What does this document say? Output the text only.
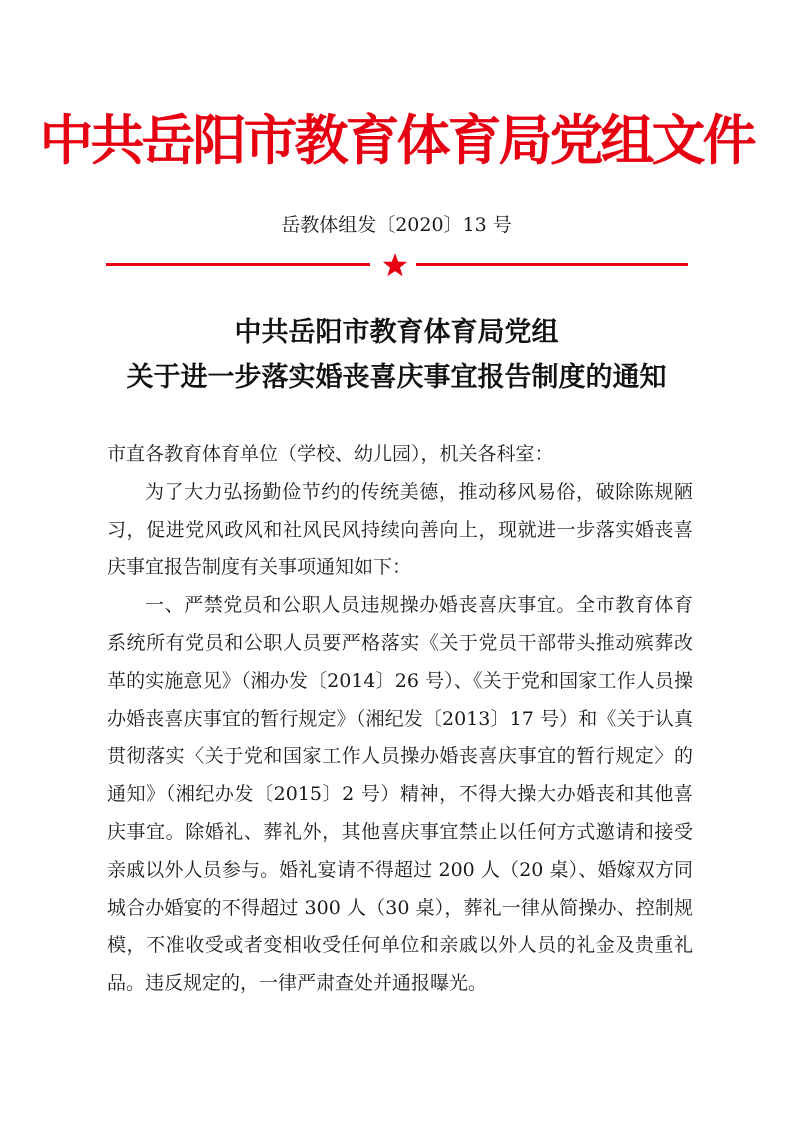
中共岳阳市教育体育局党组文件
岳教体组发〔2020〕13 号
中共岳阳市教育体育局党组
关于进一步落实婚丧喜庆事宜报告制度的通知

市直各教育体育单位（学校、幼儿园），机关各科室：

为了大力弘扬勤俭节约的传统美德，推动移风易俗，破除陈规陋习，促进党风政风和社风民风持续向善向上，现就进一步落实婚丧喜庆事宜报告制度有关事项通知如下：

一、严禁党员和公职人员违规操办婚丧喜庆事宜。全市教育体育系统所有党员和公职人员要严格落实《关于党员干部带头推动殡葬改革的实施意见》（湘办发〔2014〕26 号）、《关于党和国家工作人员操办婚丧喜庆事宜的暂行规定》（湘纪发〔2013〕17 号）和《关于认真贯彻落实〈关于党和国家工作人员操办婚丧喜庆事宜的暂行规定〉的通知》（湘纪办发〔2015〕2 号）精神，不得大操大办婚丧和其他喜庆事宜。除婚礼、葬礼外，其他喜庆事宜禁止以任何方式邀请和接受亲戚以外人员参与。婚礼宴请不得超过 200 人（20 桌）、婚嫁双方同城合办婚宴的不得超过 300 人（30 桌），葬礼一律从简操办、控制规模，不准收受或者变相收受任何单位和亲戚以外人员的礼金及贵重礼品。违反规定的，一律严肃查处并通报曝光。
